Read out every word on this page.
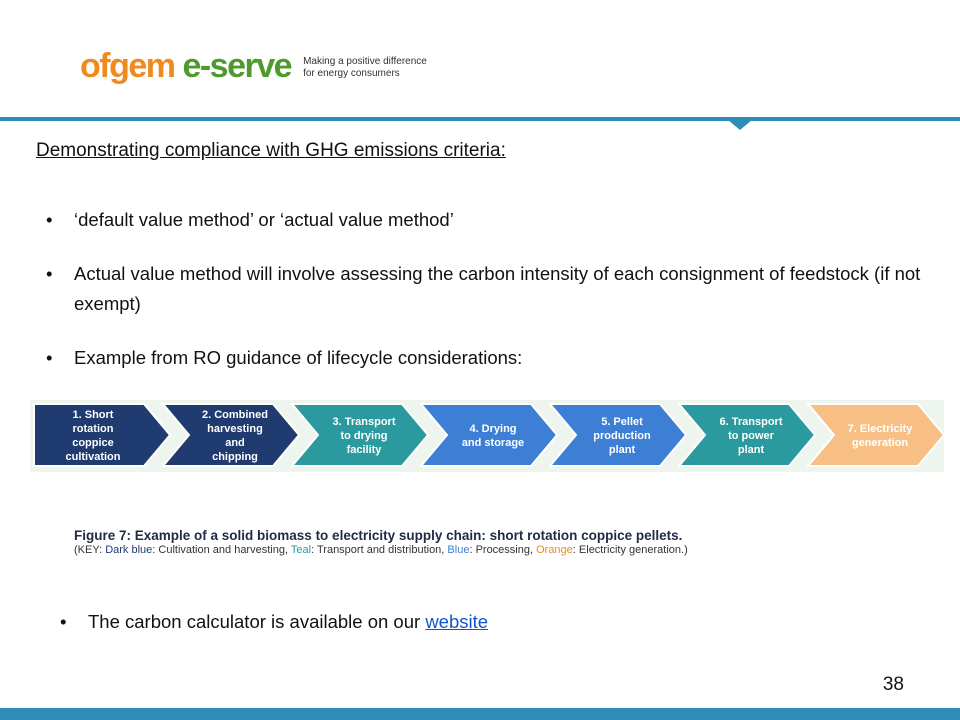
ofgem e-serve Making a positive difference
for energy consumers
Demonstrating compliance with GHG emissions criteria:
• ‘default value method’ or ‘actual value method’
• Actual value method will involve assessing the carbon intensity of each consignment of feedstock (if not exempt)
• Example from RO guidance of lifecycle considerations:
1. Short
rotation
coppice
cultivation
2. Combined
harvesting
and
chipping
3. Transport
to drying
facility
4. Drying
and storage
5. Pellet
production
plant
6. Transport
to power
plant
7. Electricity
generation
Figure 7: Example of a solid biomass to electricity supply chain: short rotation coppice pellets.
(KEY: Dark blue: Cultivation and harvesting, Teal: Transport and distribution, Blue: Processing, Orange: Electricity generation.)
• The carbon calculator is available on our website
38
